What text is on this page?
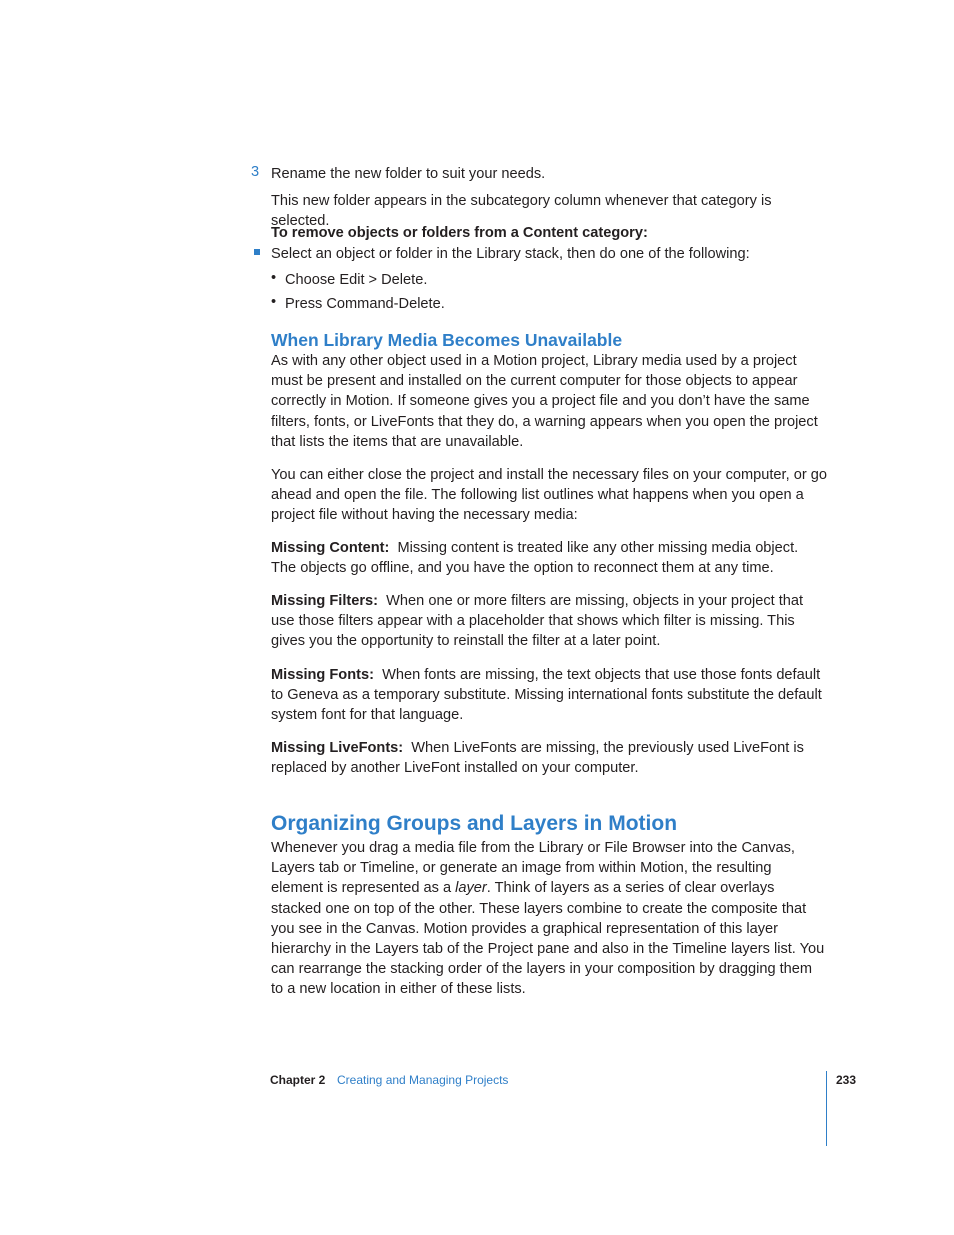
3 Rename the new folder to suit your needs.

This new folder appears in the subcategory column whenever that category is selected.

To remove objects or folders from a Content category:

Select an object or folder in the Library stack, then do one of the following:

• Choose Edit > Delete.

• Press Command-Delete.

When Library Media Becomes Unavailable

As with any other object used in a Motion project, Library media used by a project must be present and installed on the current computer for those objects to appear correctly in Motion. If someone gives you a project file and you don’t have the same filters, fonts, or LiveFonts that they do, a warning appears when you open the project that lists the items that are unavailable.

You can either close the project and install the necessary files on your computer, or go ahead and open the file. The following list outlines what happens when you open a project file without having the necessary media:

Missing Content: Missing content is treated like any other missing media object. The objects go offline, and you have the option to reconnect them at any time.

Missing Filters: When one or more filters are missing, objects in your project that use those filters appear with a placeholder that shows which filter is missing. This gives you the opportunity to reinstall the filter at a later point.

Missing Fonts: When fonts are missing, the text objects that use those fonts default to Geneva as a temporary substitute. Missing international fonts substitute the default system font for that language.

Missing LiveFonts: When LiveFonts are missing, the previously used LiveFont is replaced by another LiveFont installed on your computer.

Organizing Groups and Layers in Motion

Whenever you drag a media file from the Library or File Browser into the Canvas, Layers tab or Timeline, or generate an image from within Motion, the resulting element is represented as a layer. Think of layers as a series of clear overlays stacked one on top of the other. These layers combine to create the composite that you see in the Canvas. Motion provides a graphical representation of this layer hierarchy in the Layers tab of the Project pane and also in the Timeline layers list. You can rearrange the stacking order of the layers in your composition by dragging them to a new location in either of these lists.

Chapter 2 Creating and Managing Projects	233
